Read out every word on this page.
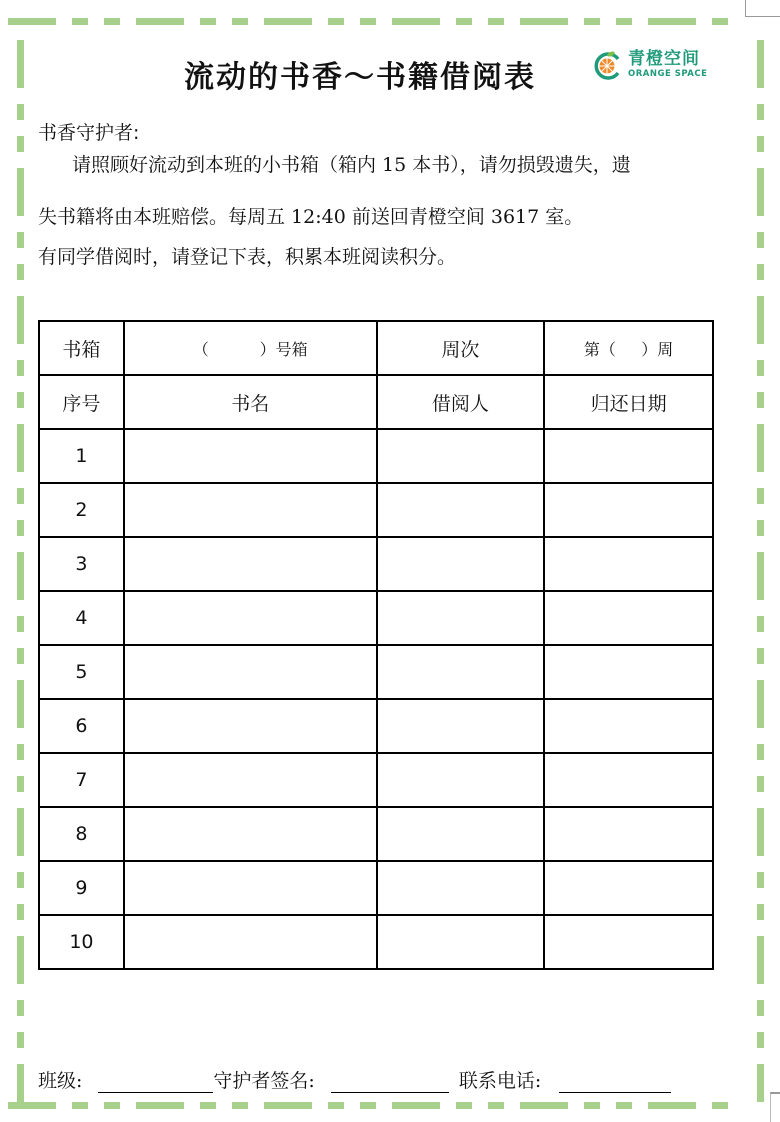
流动的书香～书籍借阅表
青橙空间
ORANGE SPACE
书香守护者:
请照顾好流动到本班的小书箱（箱内 15 本书），请勿损毁遗失，遗
失书籍将由本班赔偿。每周五 12:40 前送回青橙空间 3617 室。
有同学借阅时，请登记下表，积累本班阅读积分。
书箱	（          ）号箱	周次	第（     ）周
序号	书名	借阅人	归还日期
1			
2			
3			
4			
5			
6			
7			
8			
9			
10			
班级:	守护者签名:	联系电话:
